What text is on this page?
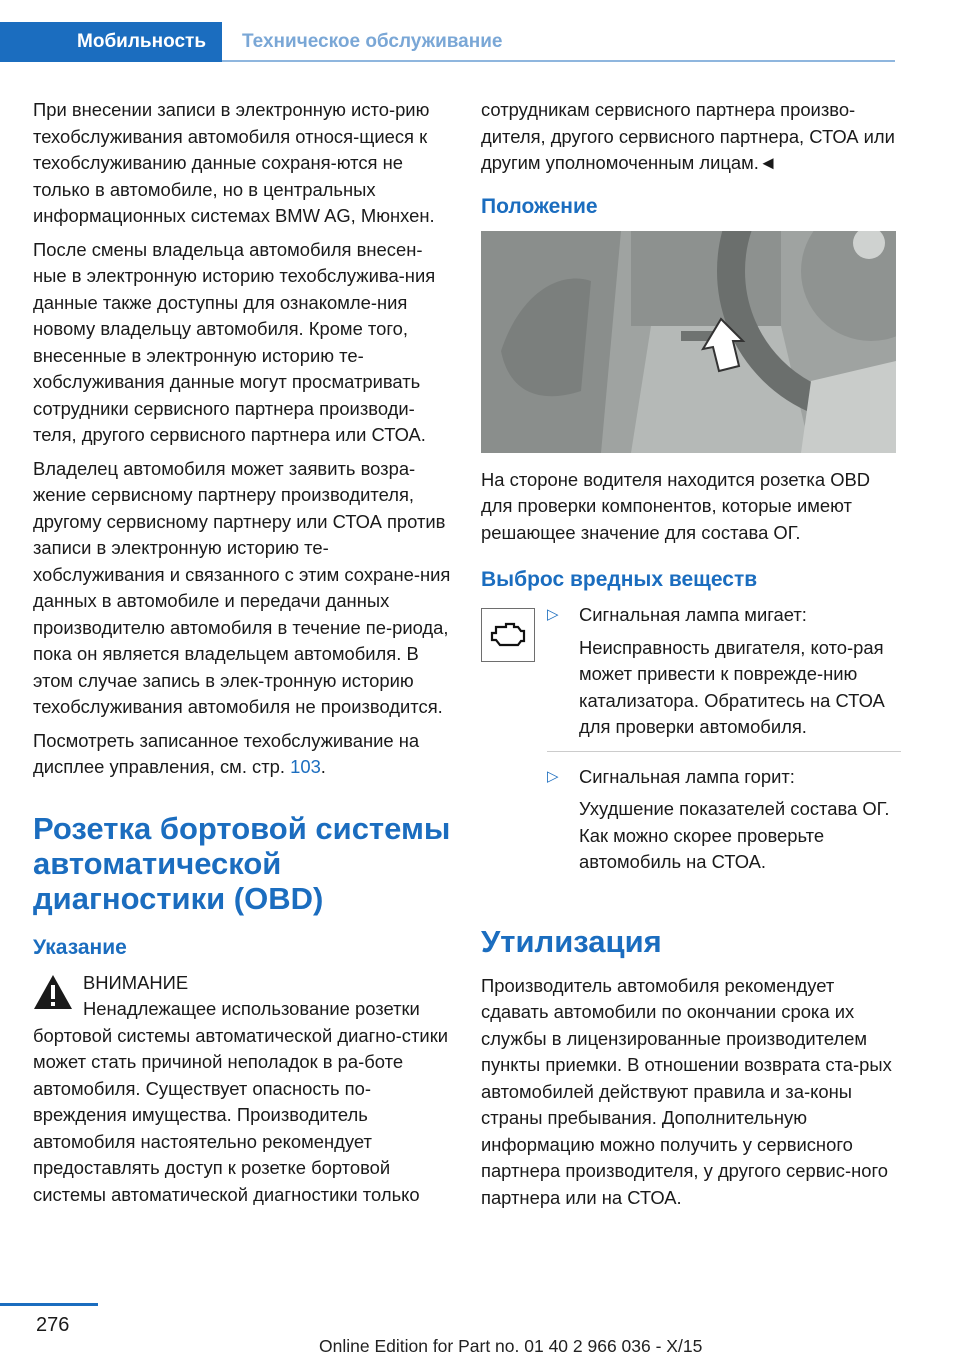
Мобильность	Техническое обслуживание

При внесении записи в электронную исто-рию техобслуживания автомобиля относя-щиеся к техобслуживанию данные сохраня-ются не только в автомобиле, но в центральных информационных системах BMW AG, Мюнхен.

После смены владельца автомобиля внесен-ные в электронную историю техобслужива-ния данные также доступны для ознакомле-ния новому владельцу автомобиля. Кроме того, внесенные в электронную историю те-хобслуживания данные могут просматривать сотрудники сервисного партнера производи-теля, другого сервисного партнера или СТОА.

Владелец автомобиля может заявить возра-жение сервисному партнеру производителя, другому сервисному партнеру или СТОА против записи в электронную историю те-хобслуживания и связанного с этим сохране-ния данных в автомобиле и передачи данных производителю автомобиля в течение пе-риода, пока он является владельцем автомобиля. В этом случае запись в элек-тронную историю техобслуживания автомобиля не производится.

Посмотреть записанное техобслуживание на дисплее управления, см. стр. 103.

Розетка бортовой системы автоматической диагностики (OBD)
Указание
ВНИМАНИЕ
Ненадлежащее использование розетки бортовой системы автоматической диагно-стики может стать причиной неполадок в ра-боте автомобиля. Существует опасность по-вреждения имущества. Производитель автомобиля настоятельно рекомендует предоставлять доступ к розетке бортовой системы автоматической диагностики только

сотрудникам сервисного партнера произво-дителя, другого сервисного партнера, СТОА или другим уполномоченным лицам.◄

Положение

На стороне водителя находится розетка OBD для проверки компонентов, которые имеют решающее значение для состава ОГ.

Выброс вредных веществ
▷ Сигнальная лампа мигает:
Неисправность двигателя, кото-рая может привести к поврежде-нию катализатора. Обратитесь на СТОА для проверки автомобиля.
▷ Сигнальная лампа горит:
Ухудшение показателей состава ОГ. Как можно скорее проверьте автомобиль на СТОА.
Утилизация

Производитель автомобиля рекомендует сдавать автомобили по окончании срока их службы в лицензированные производителем пункты приемки. В отношении возврата ста-рых автомобилей действуют правила и за-коны страны пребывания. Дополнительную информацию можно получить у сервисного партнера производителя, у другого сервис-ного партнера или на СТОА.

276
Online Edition for Part no. 01 40 2 966 036 - X/15
